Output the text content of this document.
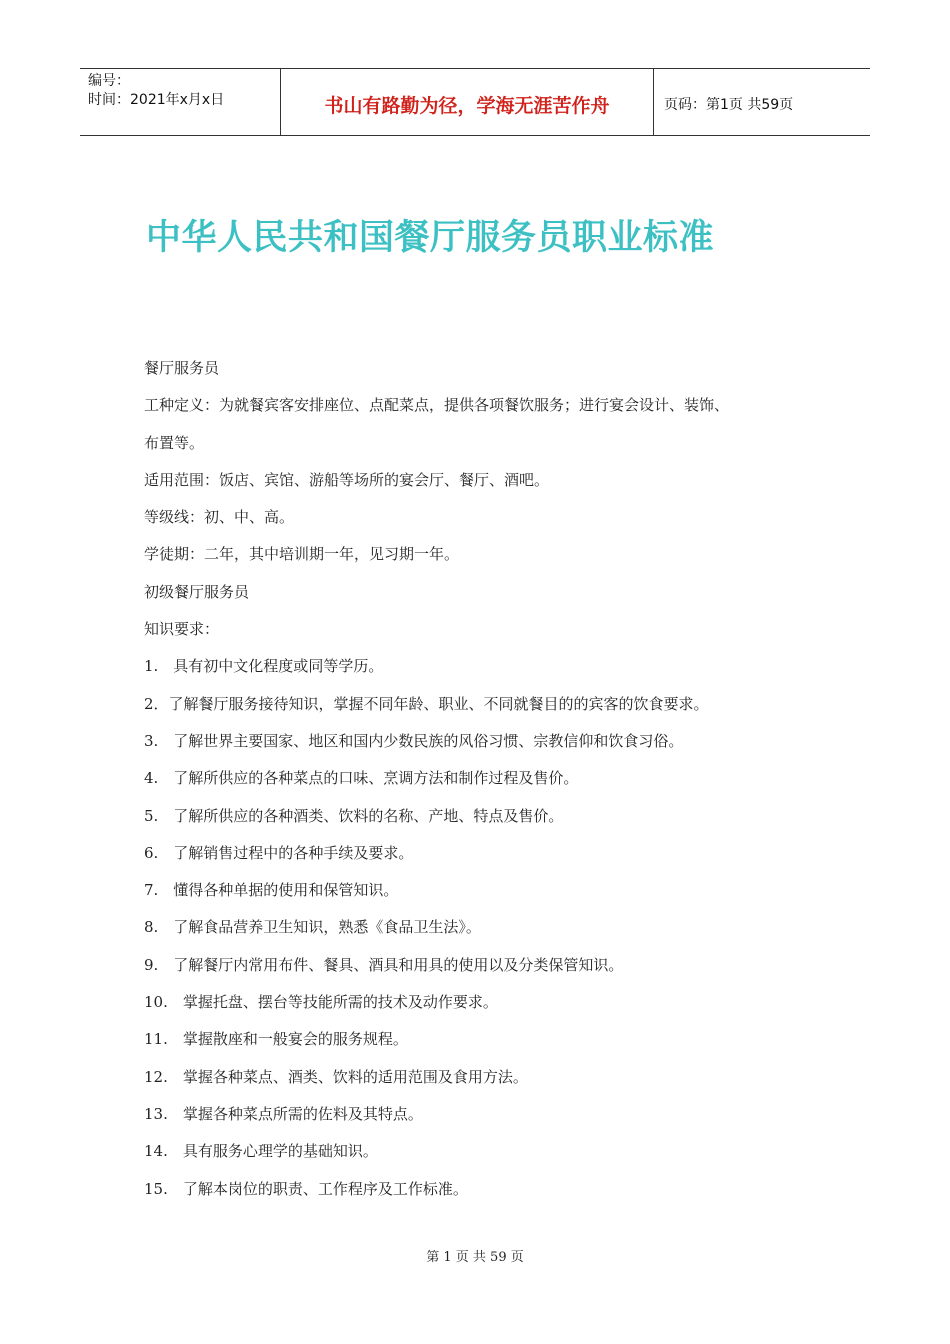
编号：
时间：2021年x月x日	书山有路勤为径，学海无涯苦作舟	页码：第1页 共59页
中华人民共和国餐厅服务员职业标准

餐厅服务员

工种定义：为就餐宾客安排座位、点配菜点，提供各项餐饮服务；进行宴会设计、装饰、

布置等。

适用范围：饭店、宾馆、游船等场所的宴会厅、餐厅、酒吧。

等级线：初、中、高。

学徒期：二年，其中培训期一年，见习期一年。

初级餐厅服务员

知识要求：

1.　具有初中文化程度或同等学历。

2．了解餐厅服务接待知识，掌握不同年龄、职业、不同就餐目的的宾客的饮食要求。

3.　了解世界主要国家、地区和国内少数民族的风俗习惯、宗教信仰和饮食习俗。

4.　了解所供应的各种菜点的口味、烹调方法和制作过程及售价。

5.　了解所供应的各种酒类、饮料的名称、产地、特点及售价。

6.　了解销售过程中的各种手续及要求。

7.　懂得各种单据的使用和保管知识。

8.　了解食品营养卫生知识，熟悉《食品卫生法》。

9.　了解餐厅内常用布件、餐具、酒具和用具的使用以及分类保管知识。

10.　掌握托盘、摆台等技能所需的技术及动作要求。

11.　掌握散座和一般宴会的服务规程。

12.　掌握各种菜点、酒类、饮料的适用范围及食用方法。

13.　掌握各种菜点所需的佐料及其特点。

14.　具有服务心理学的基础知识。

15.　了解本岗位的职责、工作程序及工作标准。

第 1 页 共 59 页
